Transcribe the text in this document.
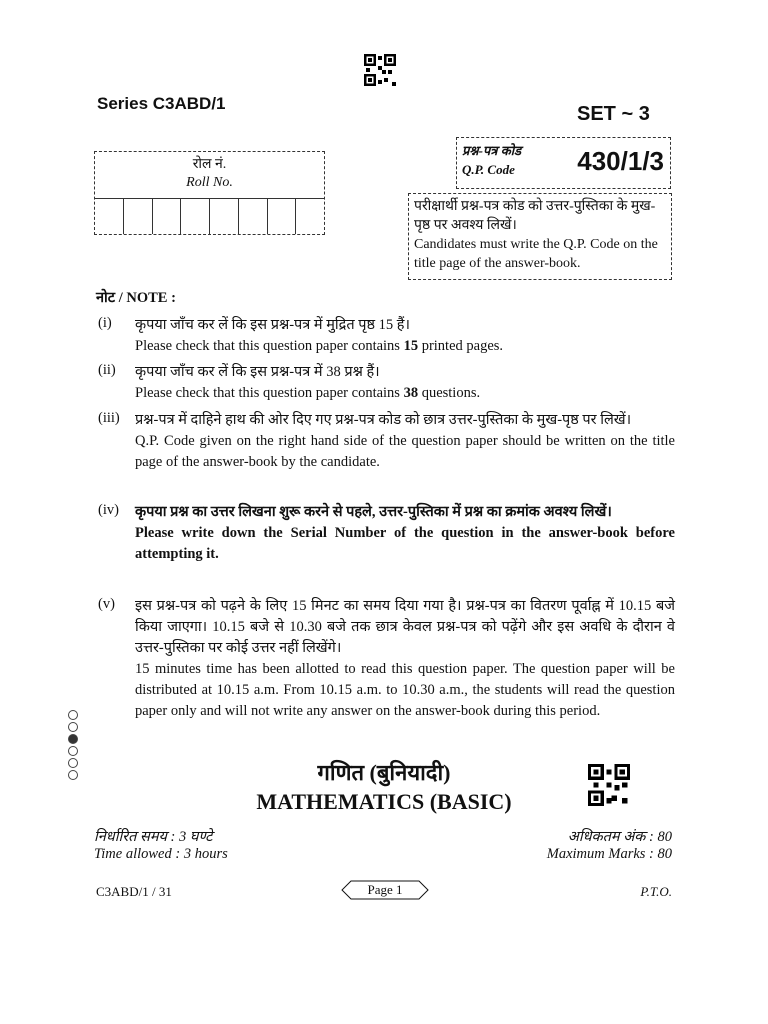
Series C3ABD/1	SET ~ 3
रोल नं.
Roll No.
प्रश्न-पत्र कोड
Q.P. Code 430/1/3
परीक्षार्थी प्रश्न-पत्र कोड को उत्तर-पुस्तिका के मुख-पृष्ठ पर अवश्य लिखें।
Candidates must write the Q.P. Code on the title page of the answer-book.
नोट / NOTE :
(i) कृपया जाँच कर लें कि इस प्रश्न-पत्र में मुद्रित पृष्ठ 15 हैं।
Please check that this question paper contains 15 printed pages.
(ii) कृपया जाँच कर लें कि इस प्रश्न-पत्र में 38 प्रश्न हैं।
Please check that this question paper contains 38 questions.
(iii) प्रश्न-पत्र में दाहिने हाथ की ओर दिए गए प्रश्न-पत्र कोड को छात्र उत्तर-पुस्तिका के मुख-पृष्ठ पर लिखें।
Q.P. Code given on the right hand side of the question paper should be written on the title page of the answer-book by the candidate.
(iv) कृपया प्रश्न का उत्तर लिखना शुरू करने से पहले, उत्तर-पुस्तिका में प्रश्न का क्रमांक अवश्य लिखें।
Please write down the Serial Number of the question in the answer-book before attempting it.
(v) इस प्रश्न-पत्र को पढ़ने के लिए 15 मिनट का समय दिया गया है। प्रश्न-पत्र का वितरण पूर्वाह्न में 10.15 बजे किया जाएगा। 10.15 बजे से 10.30 बजे तक छात्र केवल प्रश्न-पत्र को पढ़ेंगे और इस अवधि के दौरान वे उत्तर-पुस्तिका पर कोई उत्तर नहीं लिखेंगे।
15 minutes time has been allotted to read this question paper. The question paper will be distributed at 10.15 a.m. From 10.15 a.m. to 10.30 a.m., the students will read the question paper only and will not write any answer on the answer-book during this period.
गणित (बुनियादी)
MATHEMATICS (BASIC)
निर्धारित समय : 3 घण्टे
Time allowed : 3 hours
अधिकतम अंक : 80
Maximum Marks : 80
C3ABD/1 / 31	Page 1	P.T.O.
